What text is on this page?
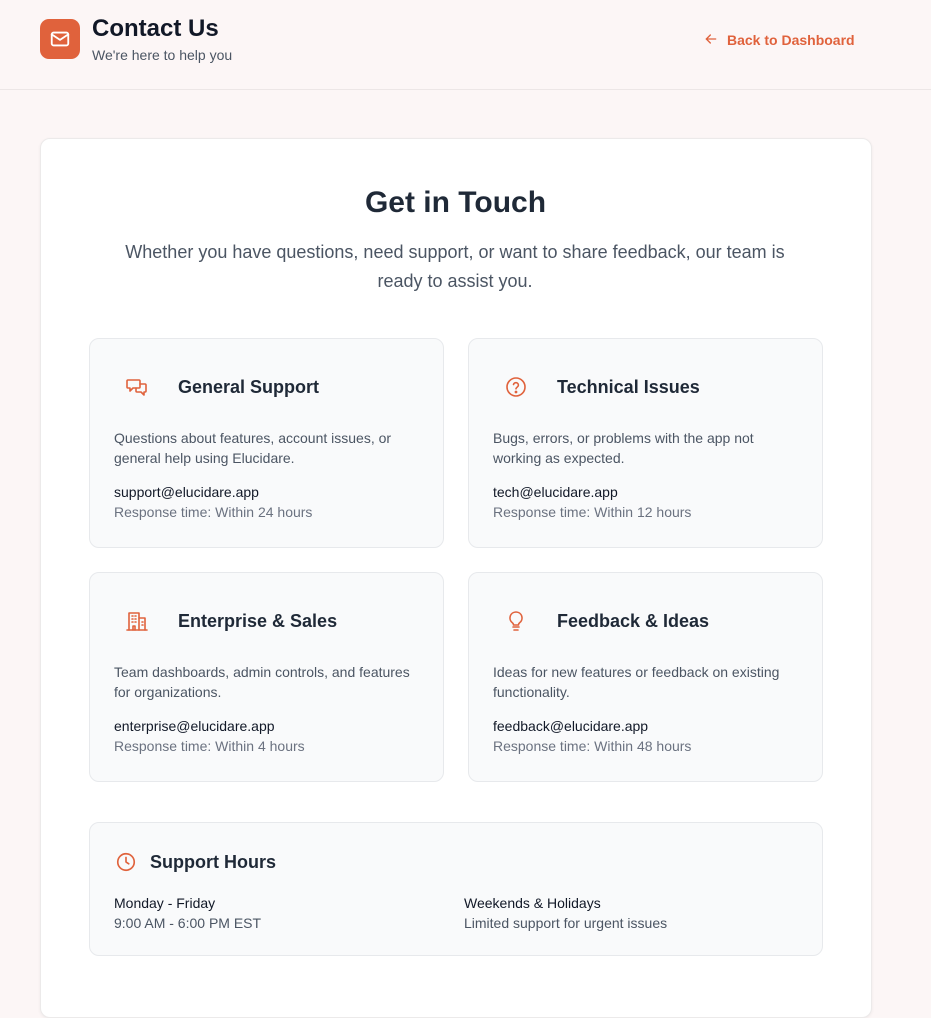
Contact Us
We're here to help you
Back to Dashboard
Get in Touch
Whether you have questions, need support, or want to share feedback, our team is ready to assist you.
General Support
Questions about features, account issues, or general help using Elucidare.
support@elucidare.app
Response time: Within 24 hours
Technical Issues
Bugs, errors, or problems with the app not working as expected.
tech@elucidare.app
Response time: Within 12 hours
Enterprise & Sales
Team dashboards, admin controls, and features for organizations.
enterprise@elucidare.app
Response time: Within 4 hours
Feedback & Ideas
Ideas for new features or feedback on existing functionality.
feedback@elucidare.app
Response time: Within 48 hours
Support Hours
Monday - Friday
9:00 AM - 6:00 PM EST
Weekends & Holidays
Limited support for urgent issues
